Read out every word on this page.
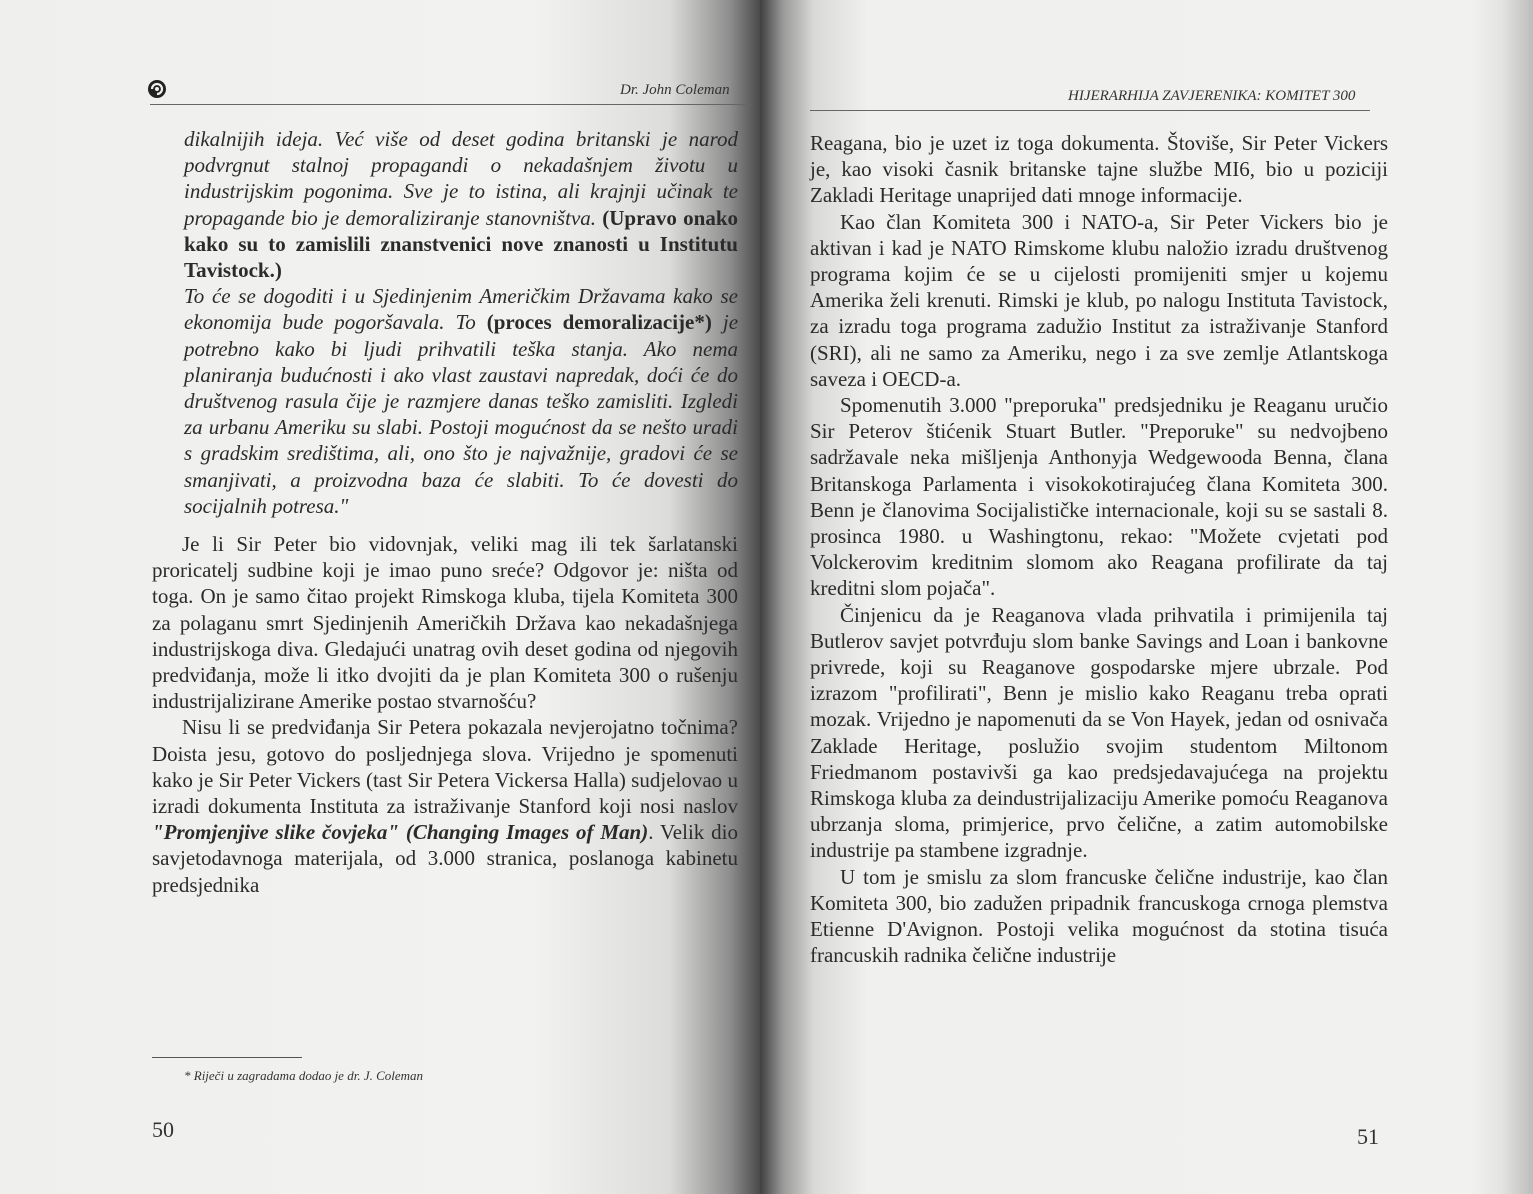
Dr. John Coleman

dikalnijih ideja. Već više od deset godina britanski je narod podvrgnut stalnoj propagandi o nekadašnjem životu u industrijskim pogonima. Sve je to istina, ali krajnji učinak te propagande bio je demoraliziranje stanovništva. (Upravo onako kako su to zamislili znanstvenici nove znanosti u Institutu Tavistock.)

To će se dogoditi i u Sjedinjenim Američkim Državama kako se ekonomija bude pogoršavala. To (proces demoralizacije*) je potrebno kako bi ljudi prihvatili teška stanja. Ako nema planiranja budućnosti i ako vlast zaustavi napredak, doći će do društvenog rasula čije je razmjere danas teško zamisliti. Izgledi za urbanu Ameriku su slabi. Postoji mogućnost da se nešto uradi s gradskim središtima, ali, ono što je najvažnije, gradovi će se smanjivati, a proizvodna baza će slabiti. To će dovesti do socijalnih potresa."

Je li Sir Peter bio vidovnjak, veliki mag ili tek šarlatanski proricatelj sudbine koji je imao puno sreće? Odgovor je: ništa od toga. On je samo čitao projekt Rimskoga kluba, tijela Komiteta 300 za polaganu smrt Sjedinjenih Američkih Država kao nekadašnjega industrijskoga diva. Gledajući unatrag ovih deset godina od njegovih predviđanja, može li itko dvojiti da je plan Komiteta 300 o rušenju industrijalizirane Amerike postao stvarnošću?

Nisu li se predviđanja Sir Petera pokazala nevjerojatno točnima? Doista jesu, gotovo do posljednjega slova. Vrijedno je spomenuti kako je Sir Peter Vickers (tast Sir Petera Vickersa Halla) sudjelovao u izradi dokumenta Instituta za istraživanje Stanford koji nosi naslov "Promjenjive slike čovjeka" (Changing Images of Man). Velik dio savjetodavnoga materijala, od 3.000 stranica, poslanoga kabinetu predsjednika

* Riječi u zagradama dodao je dr. J. Coleman
50
HIJERARHIJA ZAVJERENIKA: KOMITET 300

Reagana, bio je uzet iz toga dokumenta. Štoviše, Sir Peter Vickers je, kao visoki časnik britanske tajne službe MI6, bio u poziciji Zakladi Heritage unaprijed dati mnoge informacije.

Kao član Komiteta 300 i NATO-a, Sir Peter Vickers bio je aktivan i kad je NATO Rimskome klubu naložio izradu društvenog programa kojim će se u cijelosti promijeniti smjer u kojemu Amerika želi krenuti. Rimski je klub, po nalogu Instituta Tavistock, za izradu toga programa zadužio Institut za istraživanje Stanford (SRI), ali ne samo za Ameriku, nego i za sve zemlje Atlantskoga saveza i OECD-a.

Spomenutih 3.000 "preporuka" predsjedniku je Reaganu uručio Sir Peterov štićenik Stuart Butler. "Preporuke" su nedvojbeno sadržavale neka mišljenja Anthonyja Wedgewooda Benna, člana Britanskoga Parlamenta i visokokotirajućeg člana Komiteta 300. Benn je članovima Socijalističke internacionale, koji su se sastali 8. prosinca 1980. u Washingtonu, rekao: "Možete cvjetati pod Volckerovim kreditnim slomom ako Reagana profilirate da taj kreditni slom pojača".

Činjenicu da je Reaganova vlada prihvatila i primijenila taj Butlerov savjet potvrđuju slom banke Savings and Loan i bankovne privrede, koji su Reaganove gospodarske mjere ubrzale. Pod izrazom "profilirati", Benn je mislio kako Reaganu treba oprati mozak. Vrijedno je napomenuti da se Von Hayek, jedan od osnivača Zaklade Heritage, poslužio svojim studentom Miltonom Friedmanom postavivši ga kao predsjedavajućega na projektu Rimskoga kluba za deindustrijalizaciju Amerike pomoću Reaganova ubrzanja sloma, primjerice, prvo čelične, a zatim automobilske industrije pa stambene izgradnje.

U tom je smislu za slom francuske čelične industrije, kao član Komiteta 300, bio zadužen pripadnik francuskoga crnoga plemstva Etienne D'Avignon. Postoji velika mogućnost da stotina tisuća francuskih radnika čelične industrije

51
